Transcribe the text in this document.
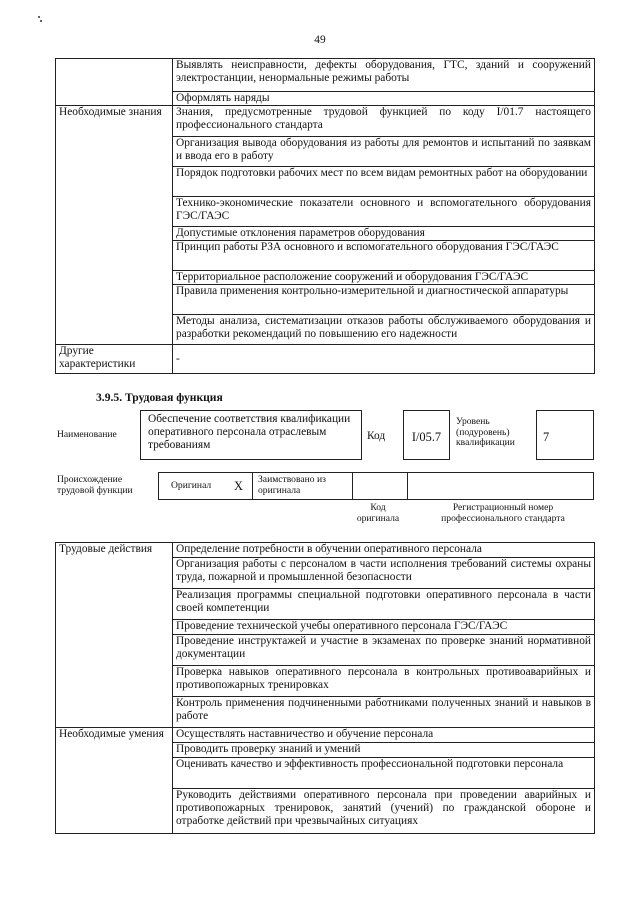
49
	Выявлять неисправности, дефекты оборудования, ГТС, зданий и сооружений электростанции, ненормальные режимы работы
	Оформлять наряды
Необходимые знания	Знания, предусмотренные трудовой функцией по коду I/01.7 настоящего профессионального стандарта
	Организация вывода оборудования из работы для ремонтов и испытаний по заявкам и ввода его в работу
	Порядок подготовки рабочих мест по всем видам ремонтных работ на оборудовании
	Технико-экономические показатели основного и вспомогательного оборудования ГЭС/ГАЭС
	Допустимые отклонения параметров оборудования
	Принцип работы РЗА основного и вспомогательного оборудования ГЭС/ГАЭС
	Территориальное расположение сооружений и оборудования ГЭС/ГАЭС
	Правила применения контрольно-измерительной и диагностической аппаратуры
	Методы анализа, систематизации отказов работы обслуживаемого оборудования и разработки рекомендаций по повышению его надежности
Другие характеристики	-
3.9.5. Трудовая функция
Наименование
Обеспечение соответствия квалификации оперативного персонала отраслевым требованиям
Код	I/05.7
Уровень (подуровень) квалификации	7
Происхождение трудовой функции	Оригинал X Заимствовано из оригинала
Код оригинала
Регистрационный номер профессионального стандарта
Трудовые действия	Определение потребности в обучении оперативного персонала
	Организация работы с персоналом в части исполнения требований системы охраны труда, пожарной и промышленной безопасности
	Реализация программы специальной подготовки оперативного персонала в части своей компетенции
	Проведение технической учебы оперативного персонала ГЭС/ГАЭС
	Проведение инструктажей и участие в экзаменах по проверке знаний нормативной документации
	Проверка навыков оперативного персонала в контрольных противоаварийных и противопожарных тренировках
	Контроль применения подчиненными работниками полученных знаний и навыков в работе
Необходимые умения	Осуществлять наставничество и обучение персонала
	Проводить проверку знаний и умений
	Оценивать качество и эффективность профессиональной подготовки персонала
	Руководить действиями оперативного персонала при проведении аварийных и противопожарных тренировок, занятий (учений) по гражданской обороне и отработке действий при чрезвычайных ситуациях
